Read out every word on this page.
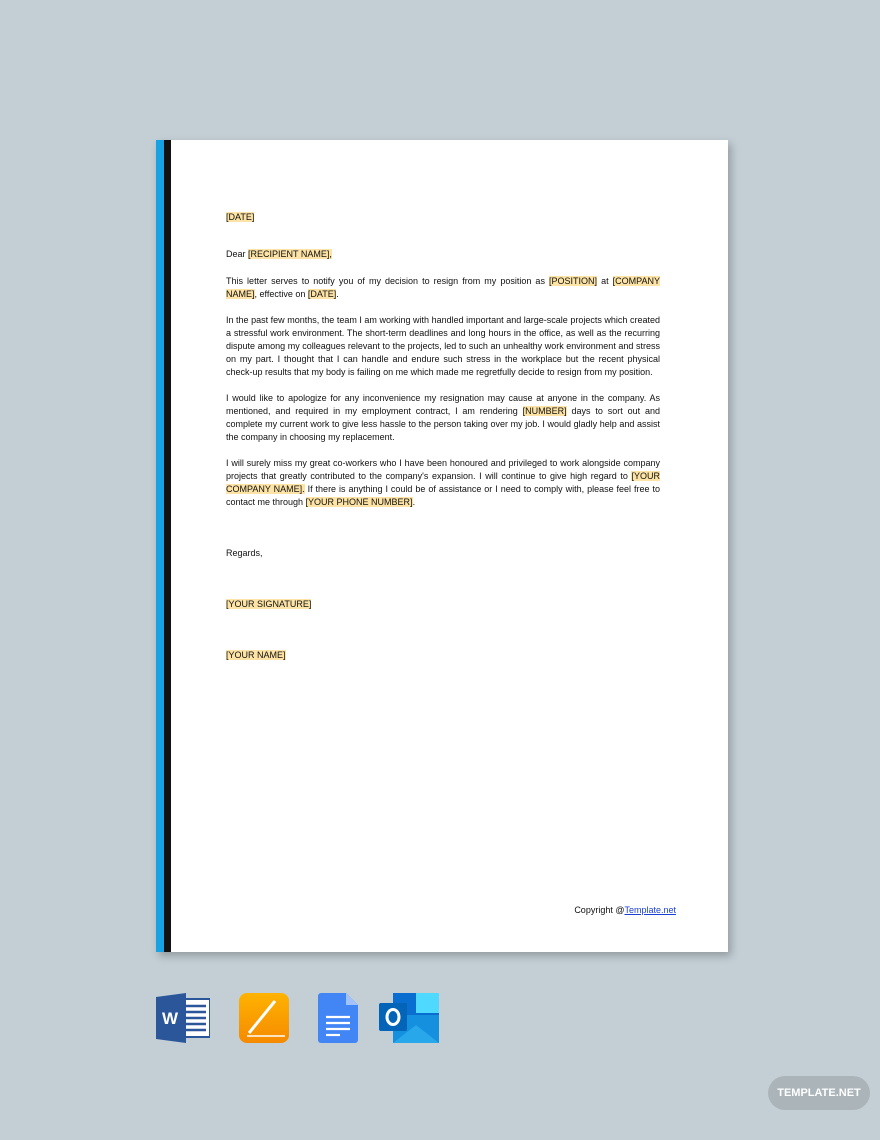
[DATE]

Dear [RECIPIENT NAME],

This letter serves to notify you of my decision to resign from my position as [POSITION] at [COMPANY NAME], effective on [DATE].

In the past few months, the team I am working with handled important and large-scale projects which created a stressful work environment. The short-term deadlines and long hours in the office, as well as the recurring dispute among my colleagues relevant to the projects, led to such an unhealthy work environment and stress on my part. I thought that I can handle and endure such stress in the workplace but the recent physical check-up results that my body is failing on me which made me regretfully decide to resign from my position.

I would like to apologize for any inconvenience my resignation may cause at anyone in the company. As mentioned, and required in my employment contract, I am rendering [NUMBER] days to sort out and complete my current work to give less hassle to the person taking over my job. I would gladly help and assist the company in choosing my replacement.

I will surely miss my great co-workers who I have been honoured and privileged to work alongside company projects that greatly contributed to the company's expansion. I will continue to give high regard to [YOUR COMPANY NAME]. If there is anything I could be of assistance or I need to comply with, please feel free to contact me through [YOUR PHONE NUMBER].

Regards,

[YOUR SIGNATURE]

[YOUR NAME]

Copyright @Template.net
W
TEMPLATE.NET
